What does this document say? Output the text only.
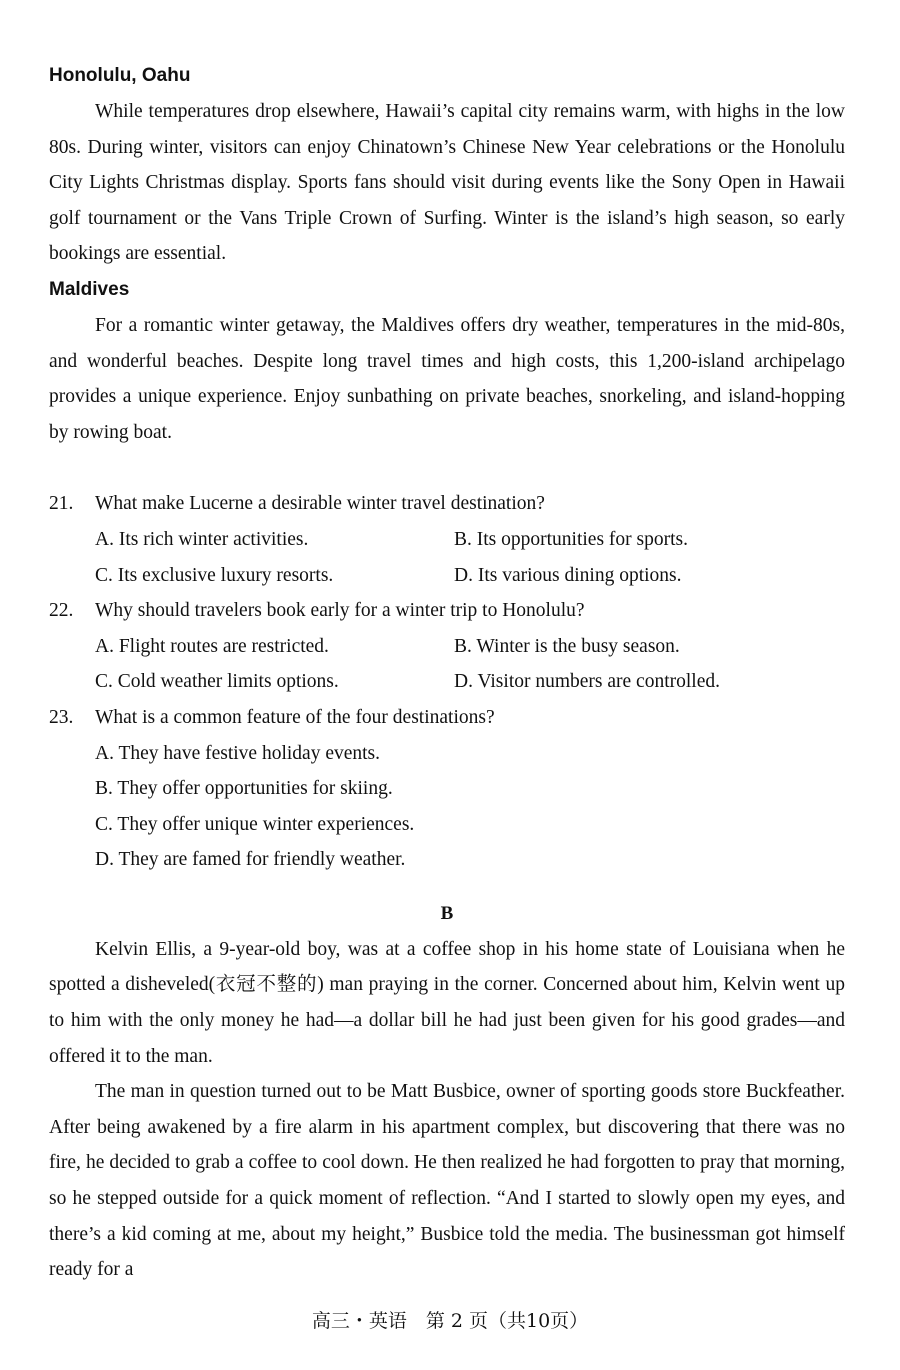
Honolulu, Oahu

While temperatures drop elsewhere, Hawaii’s capital city remains warm, with highs in the low 80s. During winter, visitors can enjoy Chinatown’s Chinese New Year celebrations or the Honolulu City Lights Christmas display. Sports fans should visit during events like the Sony Open in Hawaii golf tournament or the Vans Triple Crown of Surfing. Winter is the island’s high season, so early bookings are essential.

Maldives

For a romantic winter getaway, the Maldives offers dry weather, temperatures in the mid-80s, and wonderful beaches. Despite long travel times and high costs, this 1,200-island archipelago provides a unique experience. Enjoy sunbathing on private beaches, snorkeling, and island-hopping by rowing boat.

21.	What make Lucerne a desirable winter travel destination?
A. Its rich winter activities.	B. Its opportunities for sports.
C. Its exclusive luxury resorts.	D. Its various dining options.
22.	Why should travelers book early for a winter trip to Honolulu?
A. Flight routes are restricted.	B. Winter is the busy season.
C. Cold weather limits options.	D. Visitor numbers are controlled.
23.	What is a common feature of the four destinations?
A. They have festive holiday events.
B. They offer opportunities for skiing.
C. They offer unique winter experiences.
D. They are famed for friendly weather.
B

Kelvin Ellis, a 9-year-old boy, was at a coffee shop in his home state of Louisiana when he spotted a disheveled(衣冠不整的) man praying in the corner. Concerned about him, Kelvin went up to him with the only money he had—a dollar bill he had just been given for his good grades—and offered it to the man.

The man in question turned out to be Matt Busbice, owner of sporting goods store Buckfeather. After being awakened by a fire alarm in his apartment complex, but discovering that there was no fire, he decided to grab a coffee to cool down. He then realized he had forgotten to pray that morning, so he stepped outside for a quick moment of reflection. “And I started to slowly open my eyes, and there’s a kid coming at me, about my height,” Busbice told the media. The businessman got himself ready for a

高三・英语　第 2 页（共10页）
